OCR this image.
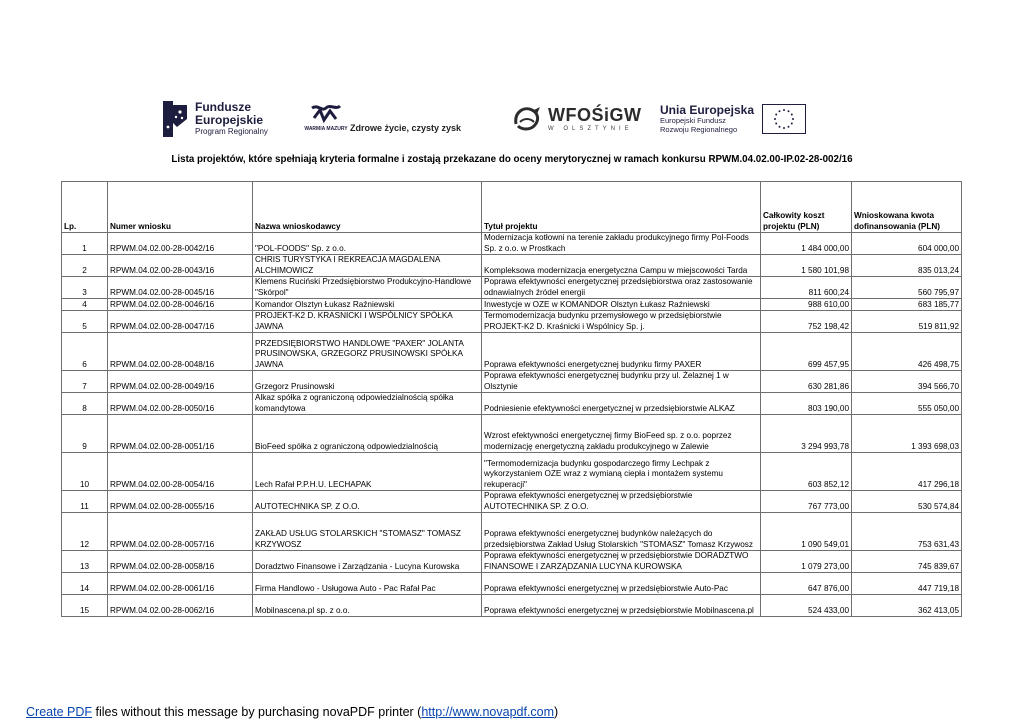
Fundusze
Europejskie
Program Regionalny	WARMIA MAZURY Zdrowe życie, czysty zysk
WFOŚiGW
W OLSZTYNIE
Unia Europejska
Europejski Fundusz
Rozwoju Regionalnego
Lista projektów, które spełniają kryteria formalne i zostają przekazane do oceny merytorycznej w ramach konkursu RPWM.04.02.00-IP.02-28-002/16
Lp.	Numer wniosku	Nazwa wnioskodawcy	Tytuł projektu	Całkowity koszt projektu (PLN)	Wnioskowana kwota dofinansowania (PLN)
1	RPWM.04.02.00-28-0042/16	"POL-FOODS" Sp. z o.o.	Modernizacja kotłowni na terenie zakładu produkcyjnego firmy Pol-Foods Sp. z o.o. w Prostkach	1 484 000,00	604 000,00
2	RPWM.04.02.00-28-0043/16	CHRIS TURYSTYKA I REKREACJA MAGDALENA ALCHIMOWICZ	Kompleksowa modernizacja energetyczna Campu w miejscowości Tarda	1 580 101,98	835 013,24
3	RPWM.04.02.00-28-0045/16	Klemens Ruciński Przedsiębiorstwo Produkcyjno-Handlowe "Skórpol"	Poprawa efektywności energetycznej przedsiębiorstwa oraz zastosowanie odnawialnych źródeł energii	811 600,24	560 795,97
4	RPWM.04.02.00-28-0046/16	Komandor Olsztyn Łukasz Raźniewski	Inwestycje w OZE w KOMANDOR Olsztyn Łukasz Raźniewski	988 610,00	683 185,77
5	RPWM.04.02.00-28-0047/16	PROJEKT-K2 D. KRASNICKI I WSPÓLNICY SPÓŁKA JAWNA	Termomodernizacja budynku przemysłowego w przedsiębiorstwie PROJEKT-K2 D. Kraśnicki i Wspólnicy Sp. j.	752 198,42	519 811,92
6	RPWM.04.02.00-28-0048/16	PRZEDSIĘBIORSTWO HANDLOWE "PAXER" JOLANTA PRUSINOWSKA, GRZEGORZ PRUSINOWSKI SPÓŁKA JAWNA	Poprawa efektywności energetycznej budynku firmy PAXER	699 457,95	426 498,75
7	RPWM.04.02.00-28-0049/16	Grzegorz Prusinowski	Poprawa efektywności energetycznej budynku przy ul. Żelaznej 1 w Olsztynie	630 281,86	394 566,70
8	RPWM.04.02.00-28-0050/16	Alkaz spółka z ograniczoną odpowiedzialnością spółka komandytowa	Podniesienie efektywności energetycznej w przedsiębiorstwie ALKAZ	803 190,00	555 050,00
9	RPWM.04.02.00-28-0051/16	BioFeed spółka z ograniczoną odpowiedzialnością	Wzrost efektywności energetycznej firmy BioFeed sp. z o.o. poprzez modernizację energetyczną zakładu produkcyjnego w Zalewie	3 294 993,78	1 393 698,03
10	RPWM.04.02.00-28-0054/16	Lech Rafał P.P.H.U. LECHAPAK	"Termomodernizacja budynku gospodarczego firmy Lechpak z wykorzystaniem OZE wraz z wymianą ciepła i montażem systemu rekuperacji"	603 852,12	417 296,18
11	RPWM.04.02.00-28-0055/16	AUTOTECHNIKA SP. Z O.O.	Poprawa efektywności energetycznej w przedsiębiorstwie AUTOTECHNIKA SP. Z O.O.	767 773,00	530 574,84
12	RPWM.04.02.00-28-0057/16	ZAKŁAD USŁUG STOLARSKICH "STOMASZ" TOMASZ KRZYWOSZ	Poprawa efektywności energetycznej budynków należących do przedsiębiorstwa Zakład Usług Stolarskich "STOMASZ" Tomasz Krzywosz	1 090 549,01	753 631,43
13	RPWM.04.02.00-28-0058/16	Doradztwo Finansowe i Zarządzania - Lucyna Kurowska	Poprawa efektywności energetycznej w przedsiębiorstwie DORADZTWO FINANSOWE I ZARZĄDZANIA LUCYNA KUROWSKA	1 079 273,00	745 839,67
14	RPWM.04.02.00-28-0061/16	Firma Handlowo - Usługowa Auto - Pac Rafał Pac	Poprawa efektywności energetycznej w przedsiębiorstwie Auto-Pac	647 876,00	447 719,18
15	RPWM.04.02.00-28-0062/16	Mobilnascena.pl sp. z o.o.	Poprawa efektywności energetycznej w przedsiębiorstwie Mobilnascena.pl	524 433,00	362 413,05
Create PDF files without this message by purchasing novaPDF printer (http://www.novapdf.com)
